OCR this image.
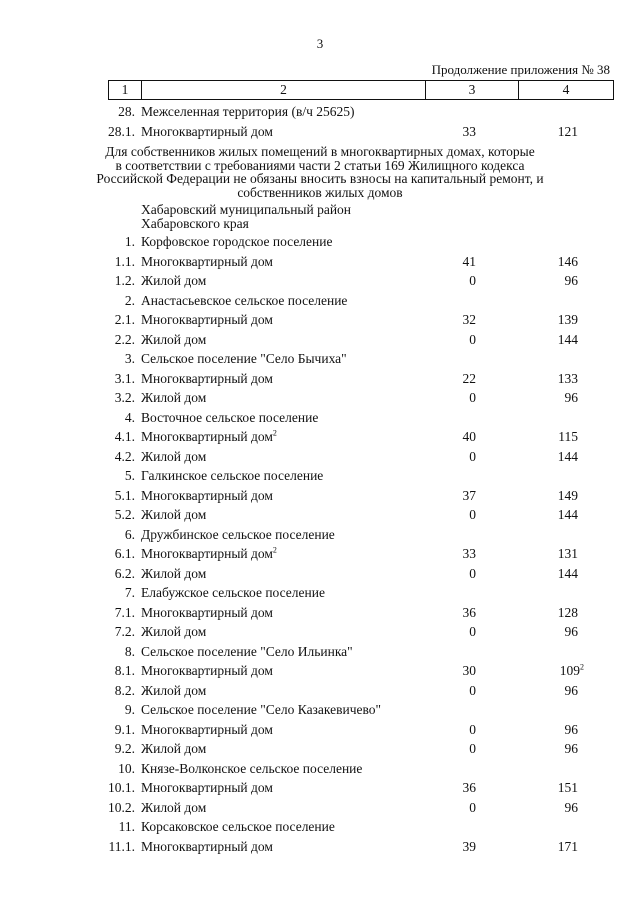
3
Продолжение приложения № 38
1	2	3	4
28. Межселенная территория (в/ч 25625)
28.1. Многоквартирный дом	33	121
Для собственников жилых помещений в многоквартирных домах, которые
в соответствии с требованиями части 2 статьи 169 Жилищного кодекса
Российской Федерации не обязаны вносить взносы на капитальный ремонт, и
собственников жилых домов
Хабаровский муниципальный район
Хабаровского края
1. Корфовское городское поселение
1.1. Многоквартирный дом	41	146
1.2. Жилой дом	0	96
2. Анастасьевское сельское поселение
2.1. Многоквартирный дом	32	139
2.2. Жилой дом	0	144
3. Сельское поселение "Село Бычиха"
3.1. Многоквартирный дом	22	133
3.2. Жилой дом	0	96
4. Восточное сельское поселение
4.1. Многоквартирный дом$^2$	40	115
4.2. Жилой дом	0	144
5. Галкинское сельское поселение
5.1. Многоквартирный дом	37	149
5.2. Жилой дом	0	144
6. Дружбинское сельское поселение
6.1. Многоквартирный дом$^2$	33	131
6.2. Жилой дом	0	144
7. Елабужское сельское поселение
7.1. Многоквартирный дом	36	128
7.2. Жилой дом	0	96
8. Сельское поселение "Село Ильинка"
8.1. Многоквартирный дом	30	$109^2$
8.2. Жилой дом	0	96
9. Сельское поселение "Село Казакевичево"
9.1. Многоквартирный дом	0	96
9.2. Жилой дом	0	96
10. Князе-Волконское сельское поселение
10.1. Многоквартирный дом	36	151
10.2. Жилой дом	0	96
11. Корсаковское сельское поселение
11.1. Многоквартирный дом	39	171
